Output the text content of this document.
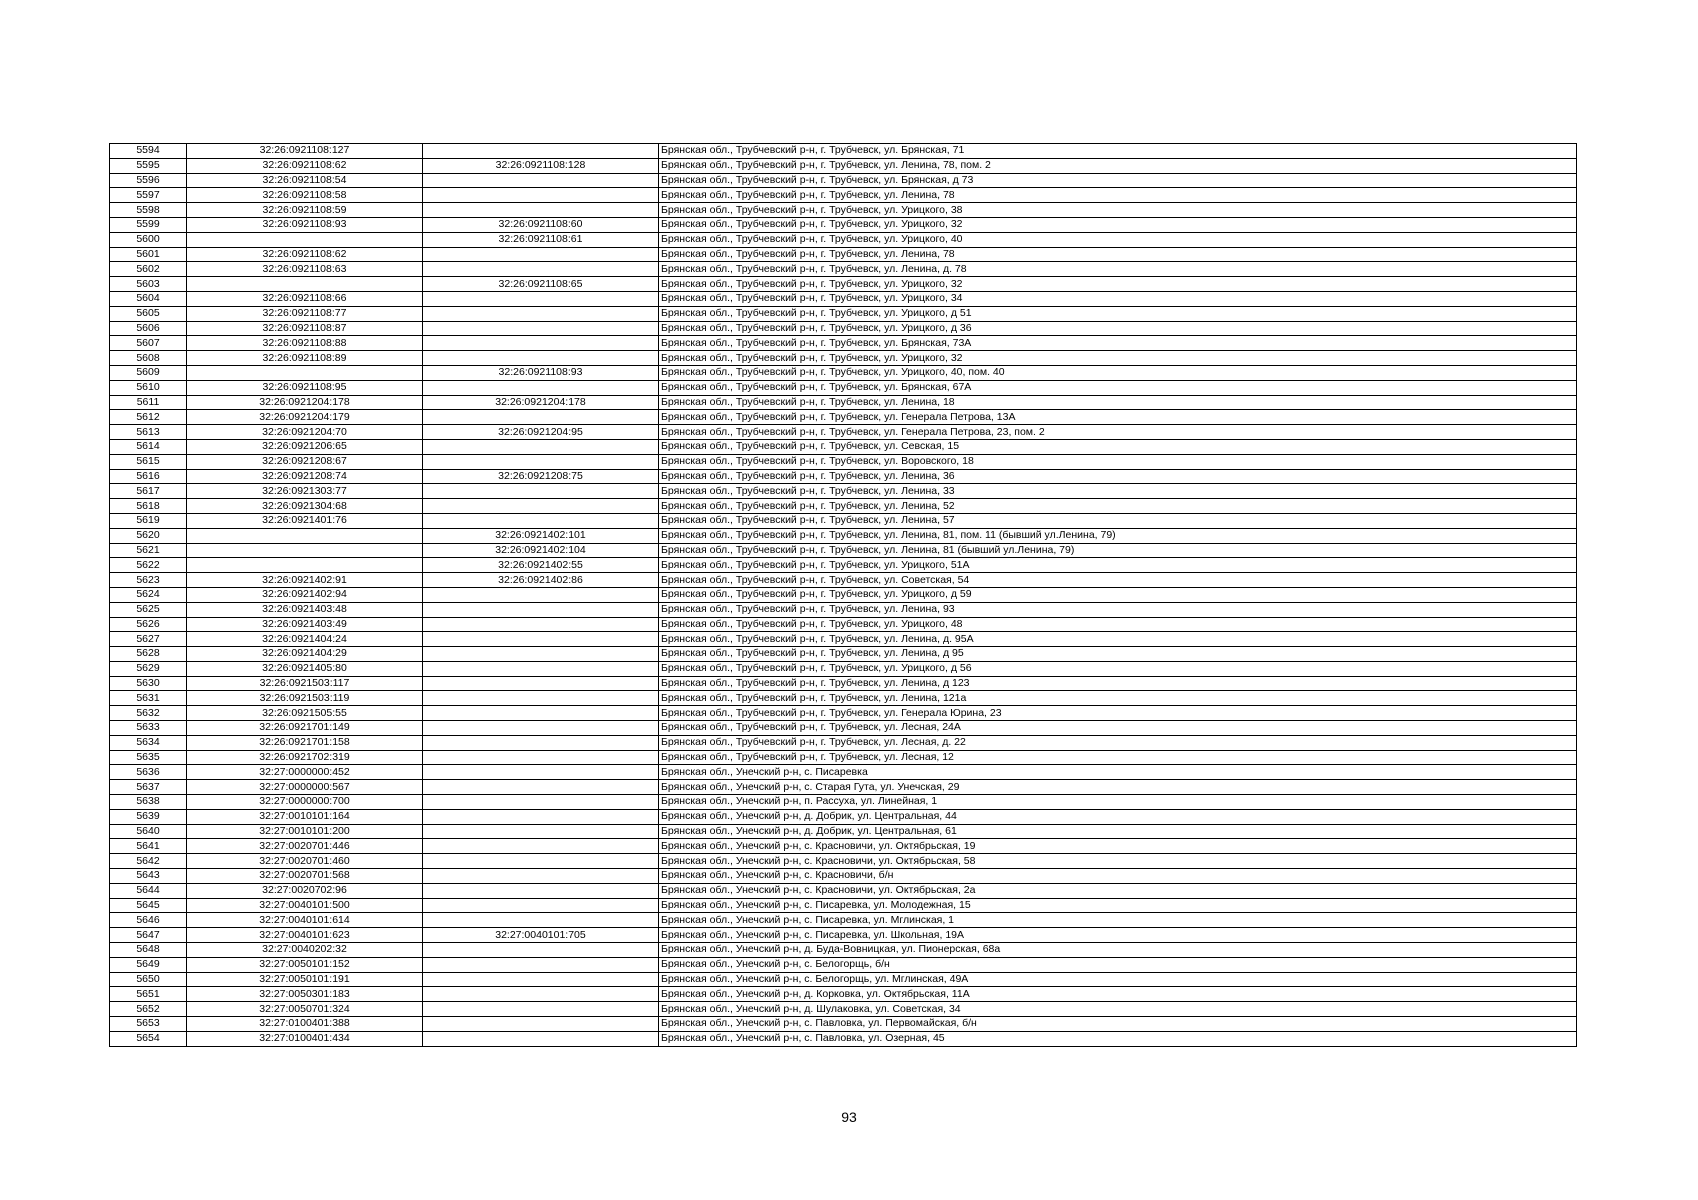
5594	32:26:0921108:127		Брянская обл., Трубчевский р-н, г. Трубчевск, ул. Брянская, 71
5595	32:26:0921108:62	32:26:0921108:128	Брянская обл., Трубчевский р-н, г. Трубчевск, ул. Ленина, 78, пом. 2
5596	32:26:0921108:54		Брянская обл., Трубчевский р-н, г. Трубчевск, ул. Брянская, д 73
5597	32:26:0921108:58		Брянская обл., Трубчевский р-н, г. Трубчевск, ул. Ленина, 78
5598	32:26:0921108:59		Брянская обл., Трубчевский р-н, г. Трубчевск, ул. Урицкого, 38
5599	32:26:0921108:93	32:26:0921108:60	Брянская обл., Трубчевский р-н, г. Трубчевск, ул. Урицкого, 32
5600		32:26:0921108:61	Брянская обл., Трубчевский р-н, г. Трубчевск, ул. Урицкого, 40
5601	32:26:0921108:62		Брянская обл., Трубчевский р-н, г. Трубчевск, ул. Ленина, 78
5602	32:26:0921108:63		Брянская обл., Трубчевский р-н, г. Трубчевск, ул. Ленина, д. 78
5603		32:26:0921108:65	Брянская обл., Трубчевский р-н, г. Трубчевск, ул. Урицкого, 32
5604	32:26:0921108:66		Брянская обл., Трубчевский р-н, г. Трубчевск, ул. Урицкого, 34
5605	32:26:0921108:77		Брянская обл., Трубчевский р-н, г. Трубчевск, ул. Урицкого, д 51
5606	32:26:0921108:87		Брянская обл., Трубчевский р-н, г. Трубчевск, ул. Урицкого, д 36
5607	32:26:0921108:88		Брянская обл., Трубчевский р-н, г. Трубчевск, ул. Брянская, 73А
5608	32:26:0921108:89		Брянская обл., Трубчевский р-н, г. Трубчевск, ул. Урицкого, 32
5609		32:26:0921108:93	Брянская обл., Трубчевский р-н, г. Трубчевск, ул. Урицкого, 40, пом. 40
5610	32:26:0921108:95		Брянская обл., Трубчевский р-н, г. Трубчевск, ул. Брянская, 67А
5611	32:26:0921204:178	32:26:0921204:178	Брянская обл., Трубчевский р-н, г. Трубчевск, ул. Ленина, 18
5612	32:26:0921204:179		Брянская обл., Трубчевский р-н, г. Трубчевск, ул. Генерала Петрова, 13А
5613	32:26:0921204:70	32:26:0921204:95	Брянская обл., Трубчевский р-н, г. Трубчевск, ул. Генерала Петрова, 23, пом. 2
5614	32:26:0921206:65		Брянская обл., Трубчевский р-н, г. Трубчевск, ул. Севская, 15
5615	32:26:0921208:67		Брянская обл., Трубчевский р-н, г. Трубчевск, ул. Воровского, 18
5616	32:26:0921208:74	32:26:0921208:75	Брянская обл., Трубчевский р-н, г. Трубчевск, ул. Ленина, 36
5617	32:26:0921303:77		Брянская обл., Трубчевский р-н, г. Трубчевск, ул. Ленина, 33
5618	32:26:0921304:68		Брянская обл., Трубчевский р-н, г. Трубчевск, ул. Ленина, 52
5619	32:26:0921401:76		Брянская обл., Трубчевский р-н, г. Трубчевск, ул. Ленина, 57
5620		32:26:0921402:101	Брянская обл., Трубчевский р-н, г. Трубчевск, ул. Ленина, 81, пом. 11 (бывший ул.Ленина, 79)
5621		32:26:0921402:104	Брянская обл., Трубчевский р-н, г. Трубчевск, ул. Ленина, 81 (бывший ул.Ленина, 79)
5622		32:26:0921402:55	Брянская обл., Трубчевский р-н, г. Трубчевск, ул. Урицкого, 51А
5623	32:26:0921402:91	32:26:0921402:86	Брянская обл., Трубчевский р-н, г. Трубчевск, ул. Советская, 54
5624	32:26:0921402:94		Брянская обл., Трубчевский р-н, г. Трубчевск, ул. Урицкого, д 59
5625	32:26:0921403:48		Брянская обл., Трубчевский р-н, г. Трубчевск, ул. Ленина, 93
5626	32:26:0921403:49		Брянская обл., Трубчевский р-н, г. Трубчевск, ул. Урицкого, 48
5627	32:26:0921404:24		Брянская обл., Трубчевский р-н, г. Трубчевск, ул. Ленина, д. 95А
5628	32:26:0921404:29		Брянская обл., Трубчевский р-н, г. Трубчевск, ул. Ленина, д 95
5629	32:26:0921405:80		Брянская обл., Трубчевский р-н, г. Трубчевск, ул. Урицкого, д 56
5630	32:26:0921503:117		Брянская обл., Трубчевский р-н, г. Трубчевск, ул. Ленина, д 123
5631	32:26:0921503:119		Брянская обл., Трубчевский р-н, г. Трубчевск, ул. Ленина, 121а
5632	32:26:0921505:55		Брянская обл., Трубчевский р-н, г. Трубчевск, ул. Генерала Юрина, 23
5633	32:26:0921701:149		Брянская обл., Трубчевский р-н, г. Трубчевск, ул. Лесная, 24А
5634	32:26:0921701:158		Брянская обл., Трубчевский р-н, г. Трубчевск, ул. Лесная, д. 22
5635	32:26:0921702:319		Брянская обл., Трубчевский р-н, г. Трубчевск, ул. Лесная, 12
5636	32:27:0000000:452		Брянская обл., Унечский р-н, с. Писаревка
5637	32:27:0000000:567		Брянская обл., Унечский р-н, с. Старая Гута, ул. Унечская, 29
5638	32:27:0000000:700		Брянская обл., Унечский р-н, п. Рассуха, ул. Линейная, 1
5639	32:27:0010101:164		Брянская обл., Унечский р-н, д. Добрик, ул. Центральная, 44
5640	32:27:0010101:200		Брянская обл., Унечский р-н, д. Добрик, ул. Центральная, 61
5641	32:27:0020701:446		Брянская обл., Унечский р-н, с. Красновичи, ул. Октябрьская, 19
5642	32:27:0020701:460		Брянская обл., Унечский р-н, с. Красновичи, ул. Октябрьская, 58
5643	32:27:0020701:568		Брянская обл., Унечский р-н, с. Красновичи, б/н
5644	32:27:0020702:96		Брянская обл., Унечский р-н, с. Красновичи, ул. Октябрьская, 2а
5645	32:27:0040101:500		Брянская обл., Унечский р-н, с. Писаревка, ул. Молодежная, 15
5646	32:27:0040101:614		Брянская обл., Унечский р-н, с. Писаревка, ул. Мглинская, 1
5647	32:27:0040101:623	32:27:0040101:705	Брянская обл., Унечский р-н, с. Писаревка, ул. Школьная, 19А
5648	32:27:0040202:32		Брянская обл., Унечский р-н, д. Буда-Вовницкая, ул. Пионерская, 68а
5649	32:27:0050101:152		Брянская обл., Унечский р-н, с. Белогорщь, б/н
5650	32:27:0050101:191		Брянская обл., Унечский р-н, с. Белогорщь, ул. Мглинская, 49А
5651	32:27:0050301:183		Брянская обл., Унечский р-н, д. Корковка, ул. Октябрьская, 11А
5652	32:27:0050701:324		Брянская обл., Унечский р-н, д. Шулаковка, ул. Советская, 34
5653	32:27:0100401:388		Брянская обл., Унечский р-н, с. Павловка, ул. Первомайская, б/н
5654	32:27:0100401:434		Брянская обл., Унечский р-н, с. Павловка, ул. Озерная, 45
93
